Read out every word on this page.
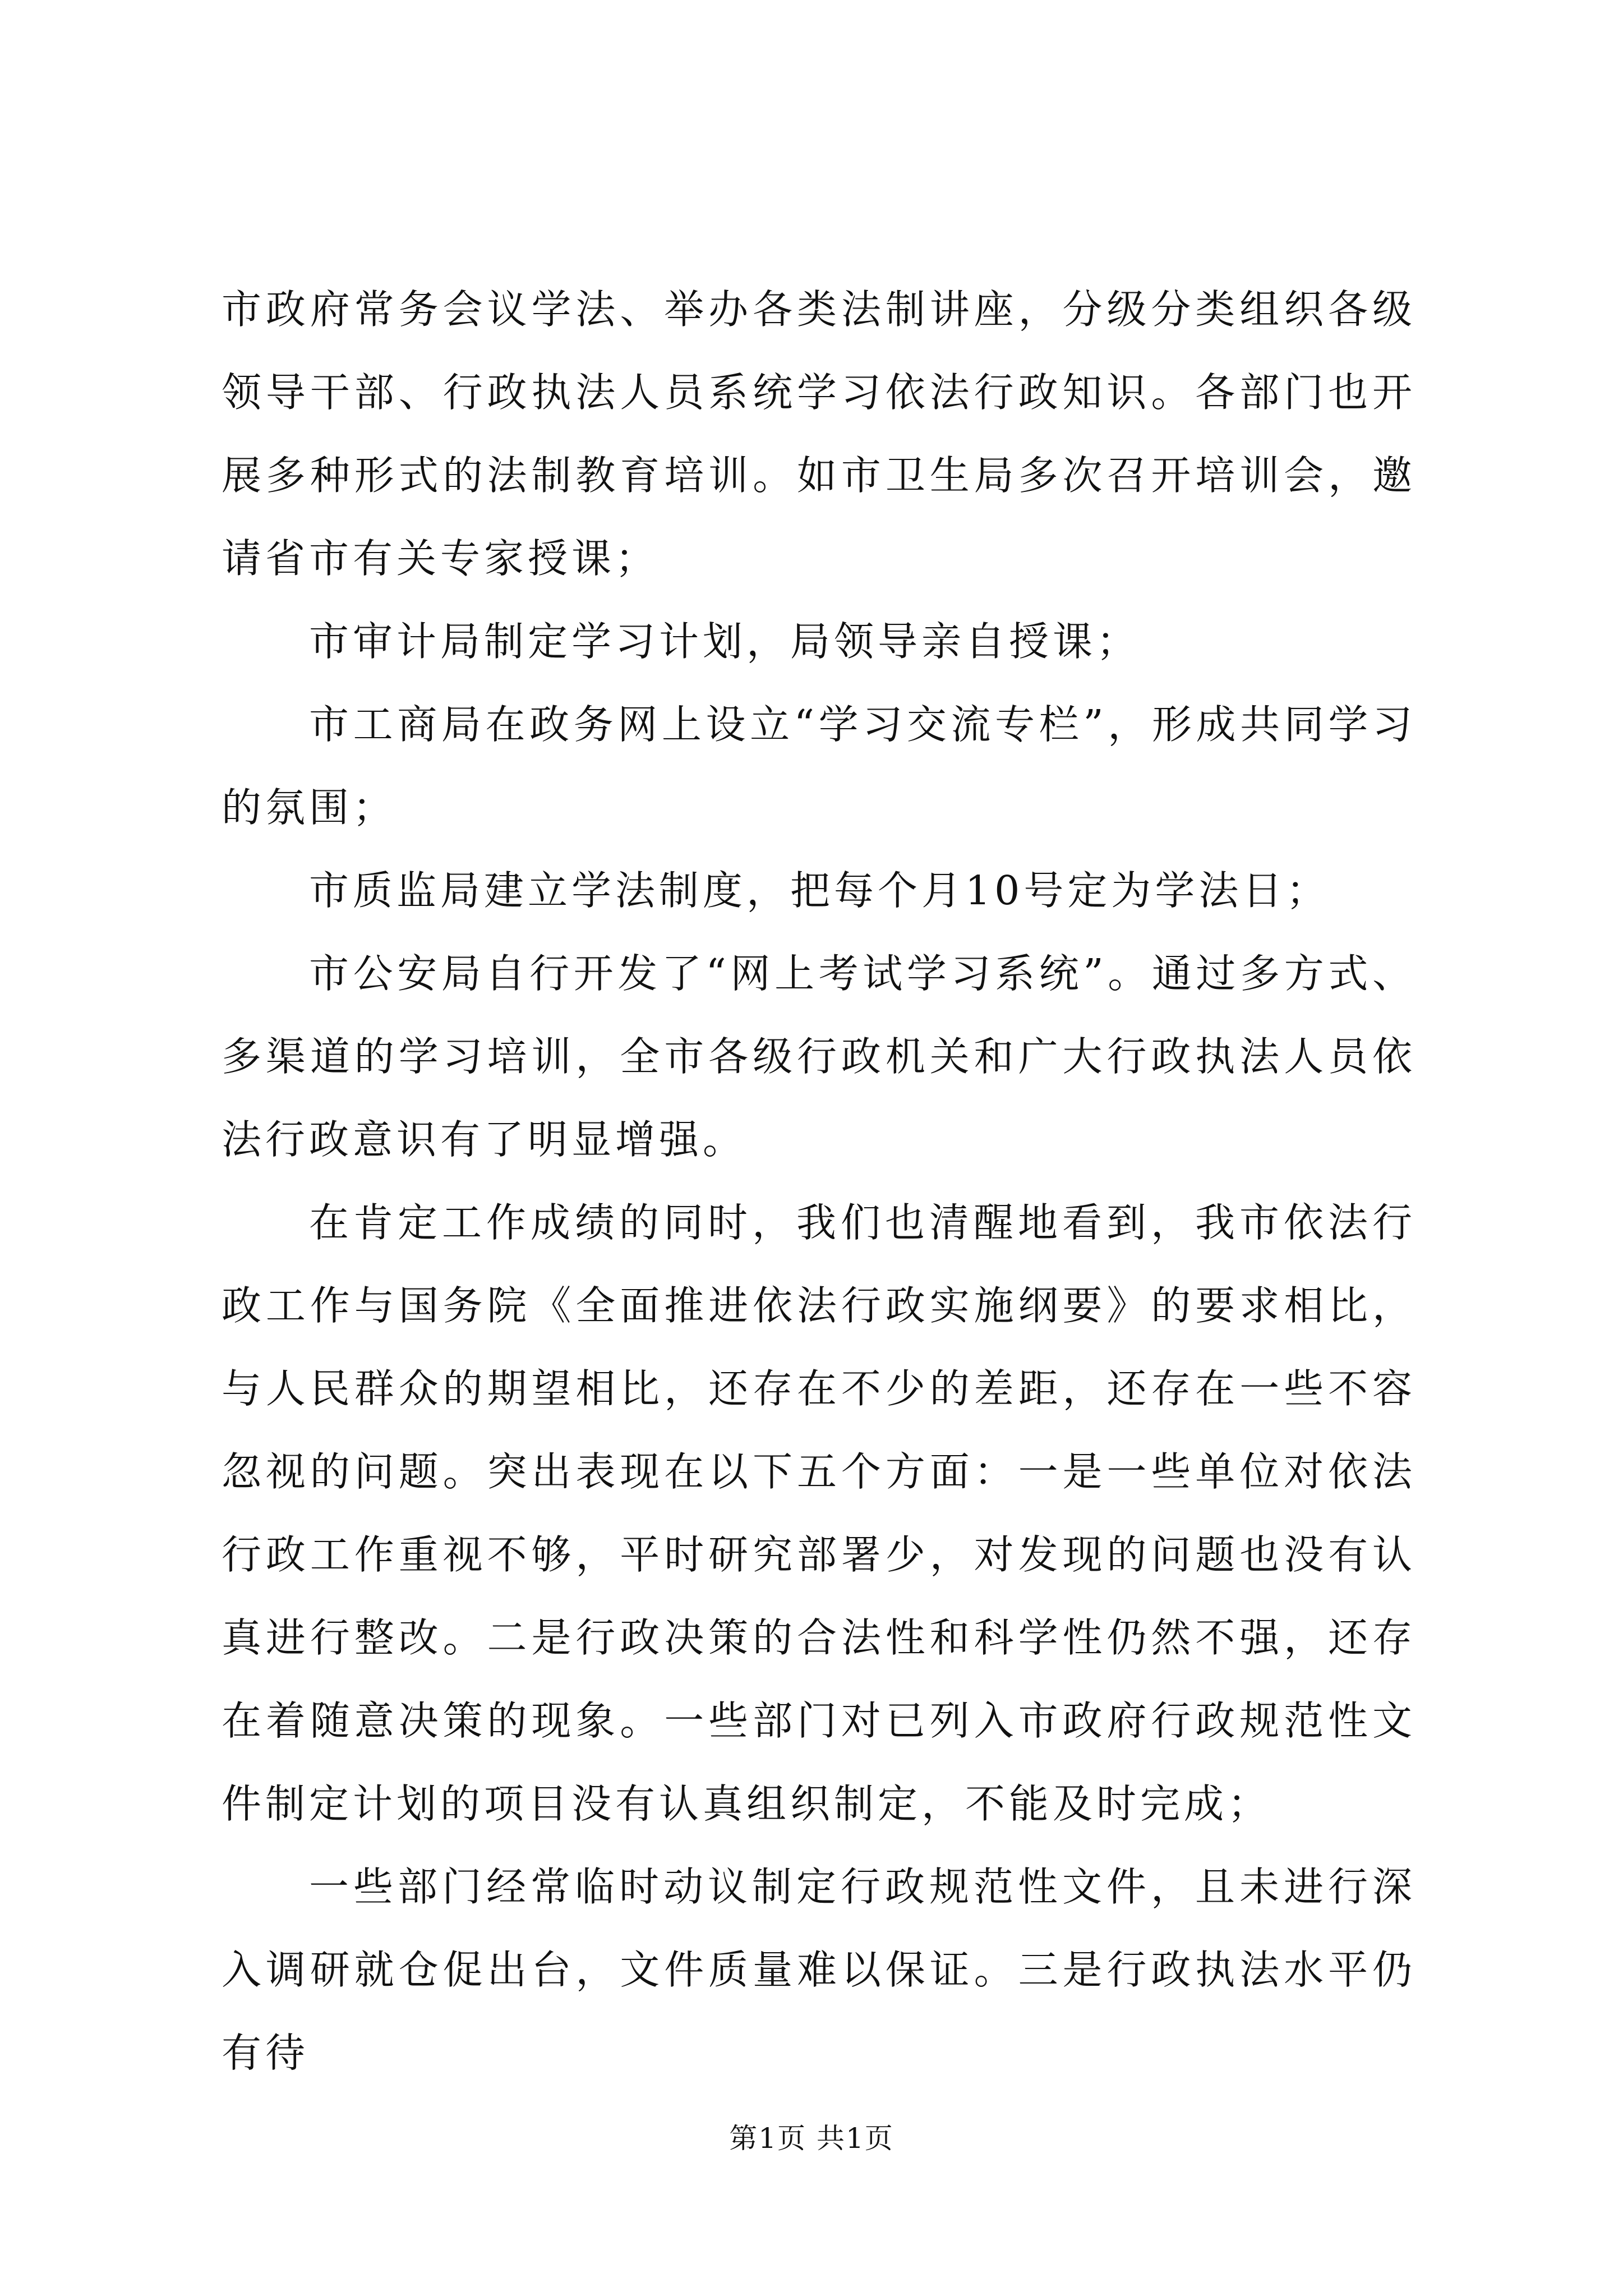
市政府常务会议学法、举办各类法制讲座，分级分类组织各级领导干部、行政执法人员系统学习依法行政知识。各部门也开展多种形式的法制教育培训。如市卫生局多次召开培训会，邀请省市有关专家授课；

市审计局制定学习计划，局领导亲自授课；

市工商局在政务网上设立“学习交流专栏”，形成共同学习的氛围；

市质监局建立学法制度，把每个月10号定为学法日；

市公安局自行开发了“网上考试学习系统”。通过多方式、多渠道的学习培训，全市各级行政机关和广大行政执法人员依法行政意识有了明显增强。

在肯定工作成绩的同时，我们也清醒地看到，我市依法行政工作与国务院《全面推进依法行政实施纲要》的要求相比，与人民群众的期望相比，还存在不少的差距，还存在一些不容忽视的问题。突出表现在以下五个方面：一是一些单位对依法行政工作重视不够，平时研究部署少，对发现的问题也没有认真进行整改。二是行政决策的合法性和科学性仍然不强，还存在着随意决策的现象。一些部门对已列入市政府行政规范性文件制定计划的项目没有认真组织制定，不能及时完成；

一些部门经常临时动议制定行政规范性文件，且未进行深入调研就仓促出台，文件质量难以保证。三是行政执法水平仍有待

第1页 共1页
